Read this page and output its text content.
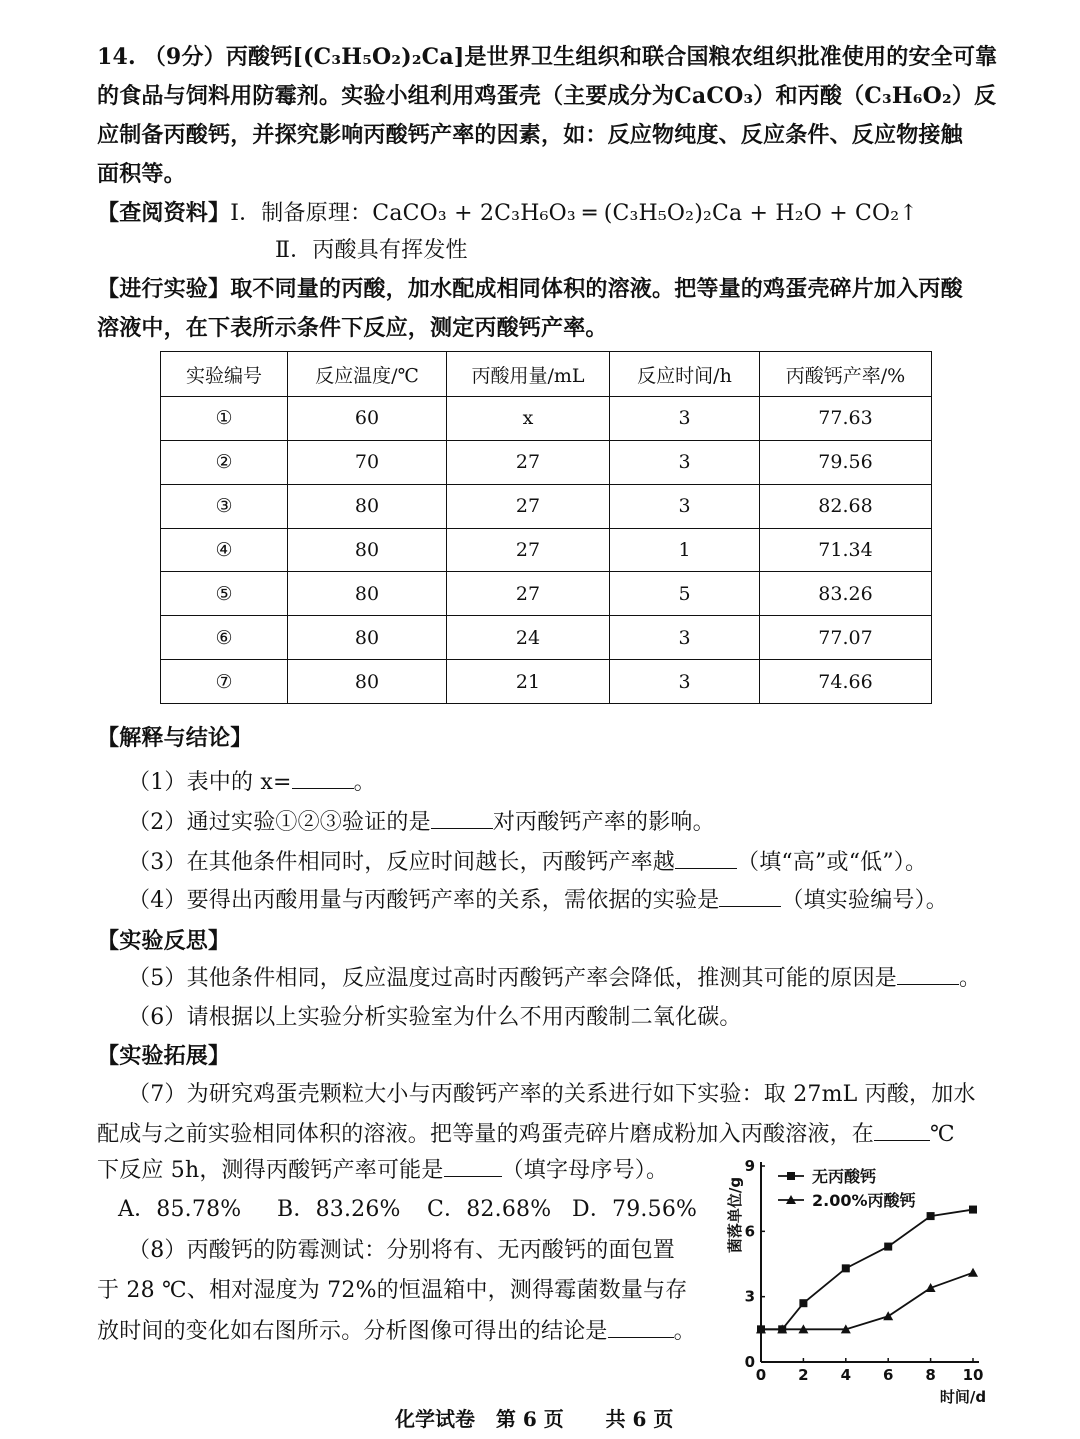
14. （9分）丙酸钙[(C₃H₅O₂)₂Ca]是世界卫生组织和联合国粮农组织批准使用的安全可靠
的食品与饲料用防霉剂。实验小组利用鸡蛋壳（主要成分为CaCO₃）和丙酸（C₃H₆O₂）反
应制备丙酸钙，并探究影响丙酸钙产率的因素，如：反应物纯度、反应条件、反应物接触
面积等。
【查阅资料】Ⅰ．制备原理：CaCO₃ + 2C₃H₆O₃ ═ (C₃H₅O₂)₂Ca + H₂O + CO₂↑
Ⅱ．丙酸具有挥发性
【进行实验】取不同量的丙酸，加水配成相同体积的溶液。把等量的鸡蛋壳碎片加入丙酸
溶液中，在下表所示条件下反应，测定丙酸钙产率。
实验编号	反应温度/℃	丙酸用量/mL	反应时间/h	丙酸钙产率/%
①	60	x	3	77.63
②	70	27	3	79.56
③	80	27	3	82.68
④	80	27	1	71.34
⑤	80	27	5	83.26
⑥	80	24	3	77.07
⑦	80	21	3	74.66
【解释与结论】
（1）表中的 x=	。
（2）通过实验①②③验证的是	对丙酸钙产率的影响。
（3）在其他条件相同时，反应时间越长，丙酸钙产率越	（填“高”或“低”）。
（4）要得出丙酸用量与丙酸钙产率的关系，需依据的实验是	（填实验编号）。
【实验反思】
（5）其他条件相同，反应温度过高时丙酸钙产率会降低，推测其可能的原因是	。
（6）请根据以上实验分析实验室为什么不用丙酸制二氧化碳。
【实验拓展】
（7）为研究鸡蛋壳颗粒大小与丙酸钙产率的关系进行如下实验：取 27mL 丙酸，加水
配成与之前实验相同体积的溶液。把等量的鸡蛋壳碎片磨成粉加入丙酸溶液，在	℃
下反应 5h，测得丙酸钙产率可能是	（填字母序号）。
A．85.78% B．83.26% C．82.68% D．79.56%
（8）丙酸钙的防霉测试：分别将有、无丙酸钙的面包置
于 28 ℃、相对湿度为 72%的恒温箱中，测得霉菌数量与存
放时间的变化如右图所示。分析图像可得出的结论是	。
0 2 4 6 8 10
0
3
6
9
时间/d
菌落单位/g
无丙酸钙
2.00%丙酸钙
化学试卷 第 6 页 共 6 页
